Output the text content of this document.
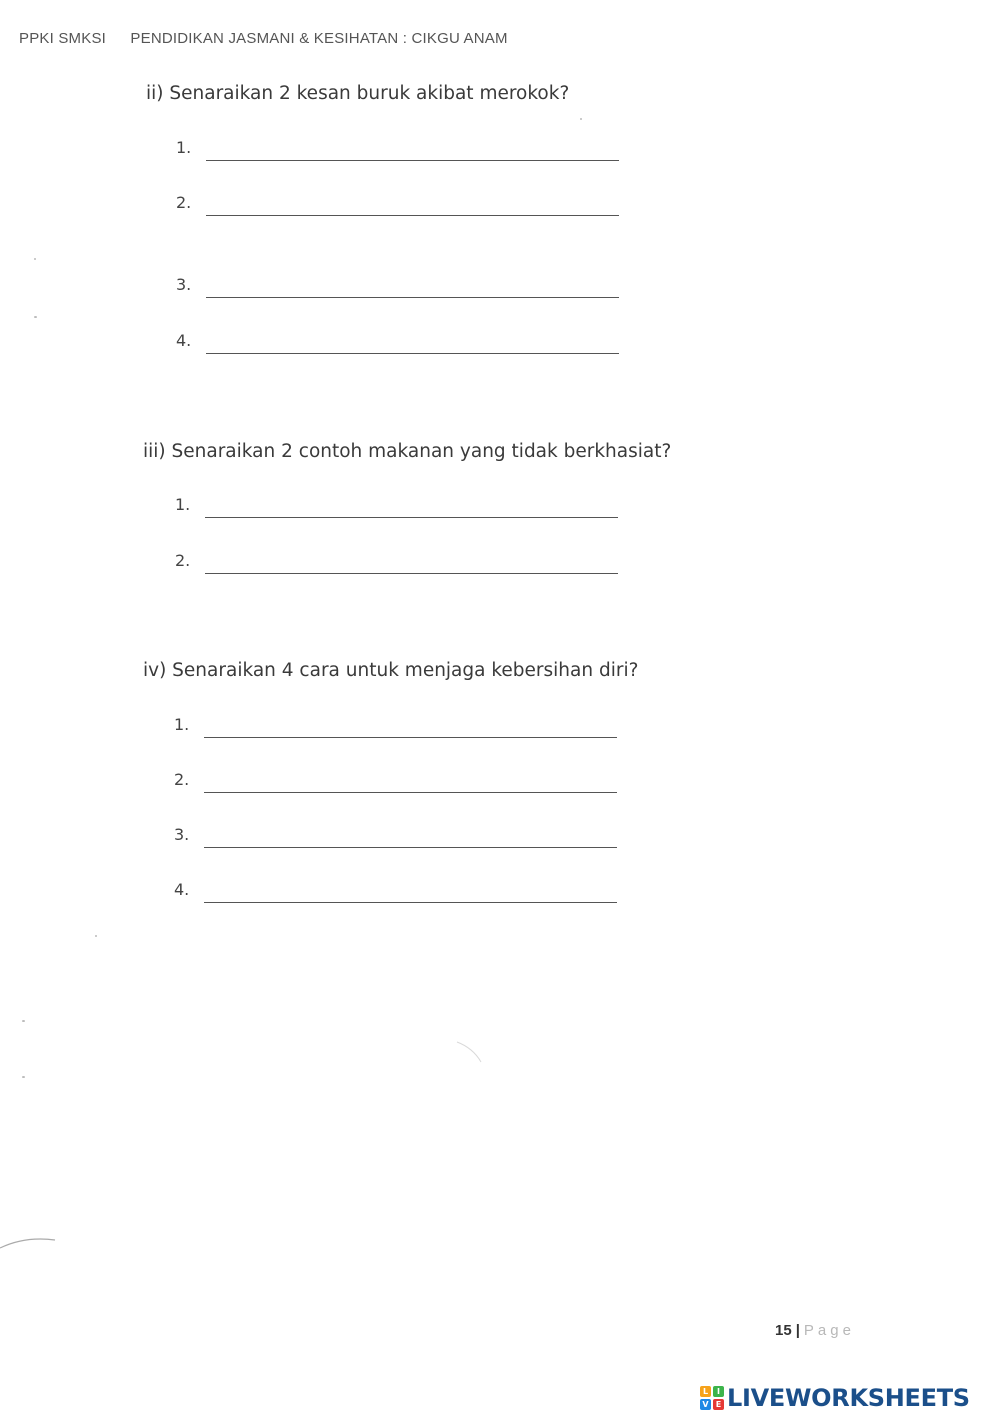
PPKI SMKSI PENDIDIKAN JASMANI & KESIHATAN : CIKGU ANAM
ii) Senaraikan 2 kesan buruk akibat merokok?
1.
2.
3.
4.
iii) Senaraikan 2 contoh makanan yang tidak berkhasiat?
1.
2.
iv) Senaraikan 4 cara untuk menjaga kebersihan diri?
1.
2.
3.
4.
15 | Page
L	I
V E LIVEWORKSHEETS
